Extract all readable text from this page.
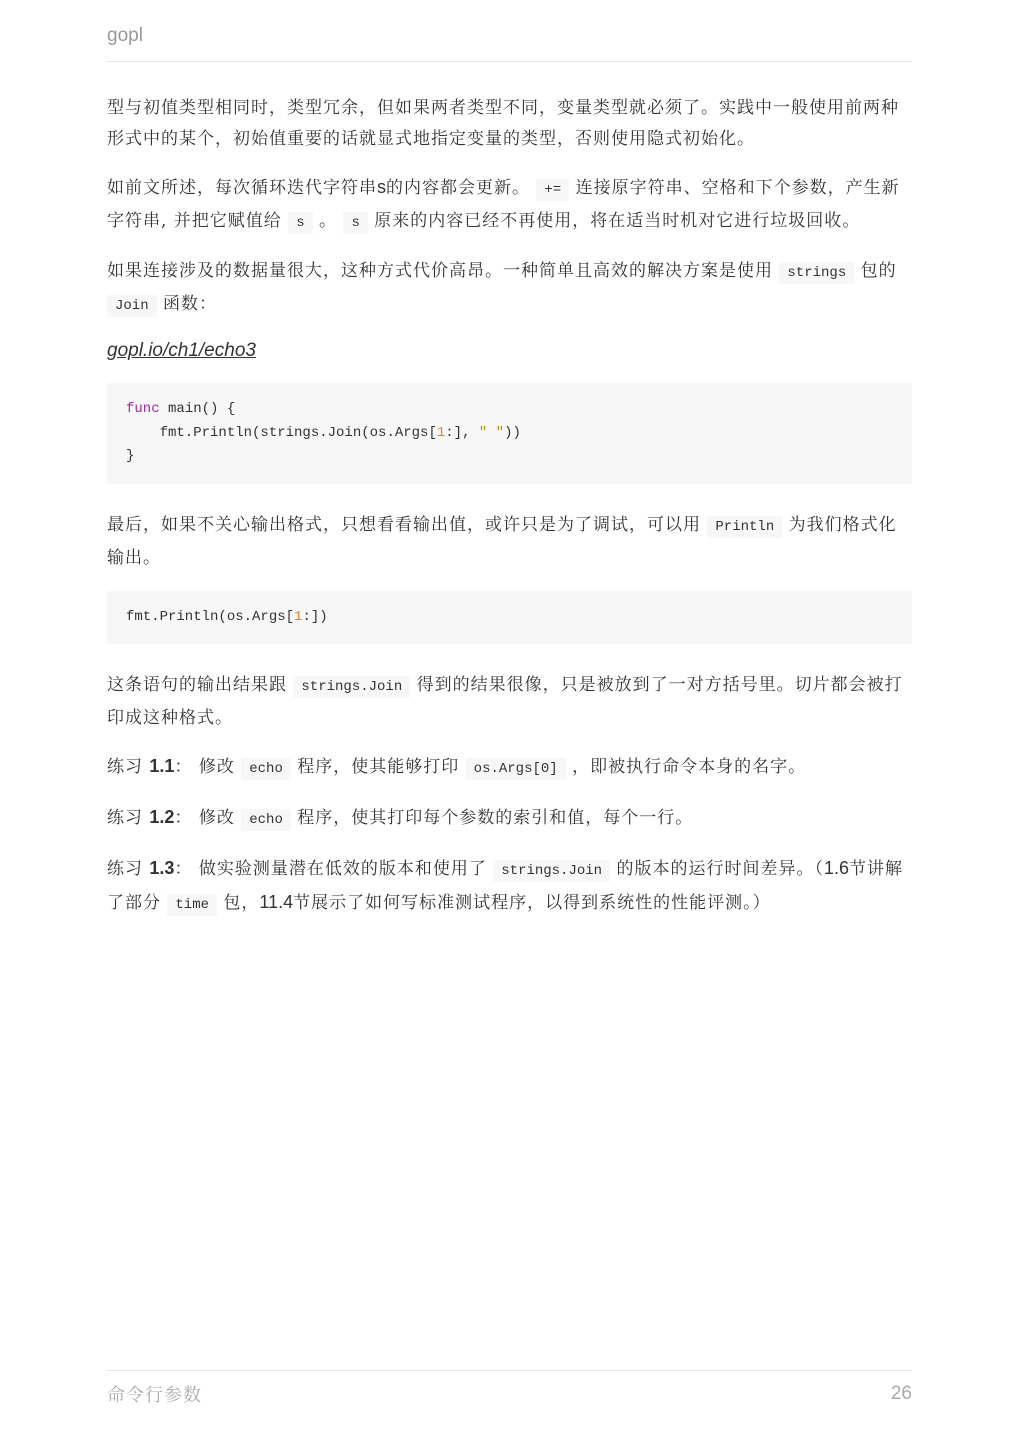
gopl

型与初值类型相同时，类型冗余，但如果两者类型不同，变量类型就必须了。实践中一般使用前两种形式中的某个，初始值重要的话就显式地指定变量的类型，否则使用隐式初始化。

如前文所述，每次循环迭代字符串s的内容都会更新。 += 连接原字符串、空格和下个参数，产生新字符串, 并把它赋值给 s 。 s 原来的内容已经不再使用，将在适当时机对它进行垃圾回收。

如果连接涉及的数据量很大，这种方式代价高昂。一种简单且高效的解决方案是使用 strings 包的 Join 函数：

gopl.io/ch1/echo3
func main() {
fmt.Println(strings.Join(os.Args[1:], " "))
}

最后，如果不关心输出格式，只想看看输出值，或许只是为了调试，可以用 Println 为我们格式化输出。

fmt.Println(os.Args[1:])

这条语句的输出结果跟 strings.Join 得到的结果很像，只是被放到了一对方括号里。切片都会被打印成这种格式。

练习 1.1： 修改 echo 程序，使其能够打印 os.Args[0] ，即被执行命令本身的名字。

练习 1.2： 修改 echo 程序，使其打印每个参数的索引和值，每个一行。

练习 1.3： 做实验测量潜在低效的版本和使用了 strings.Join 的版本的运行时间差异。（1.6节讲解了部分 time 包，11.4节展示了如何写标准测试程序，以得到系统性的性能评测。）

命令行参数	26
